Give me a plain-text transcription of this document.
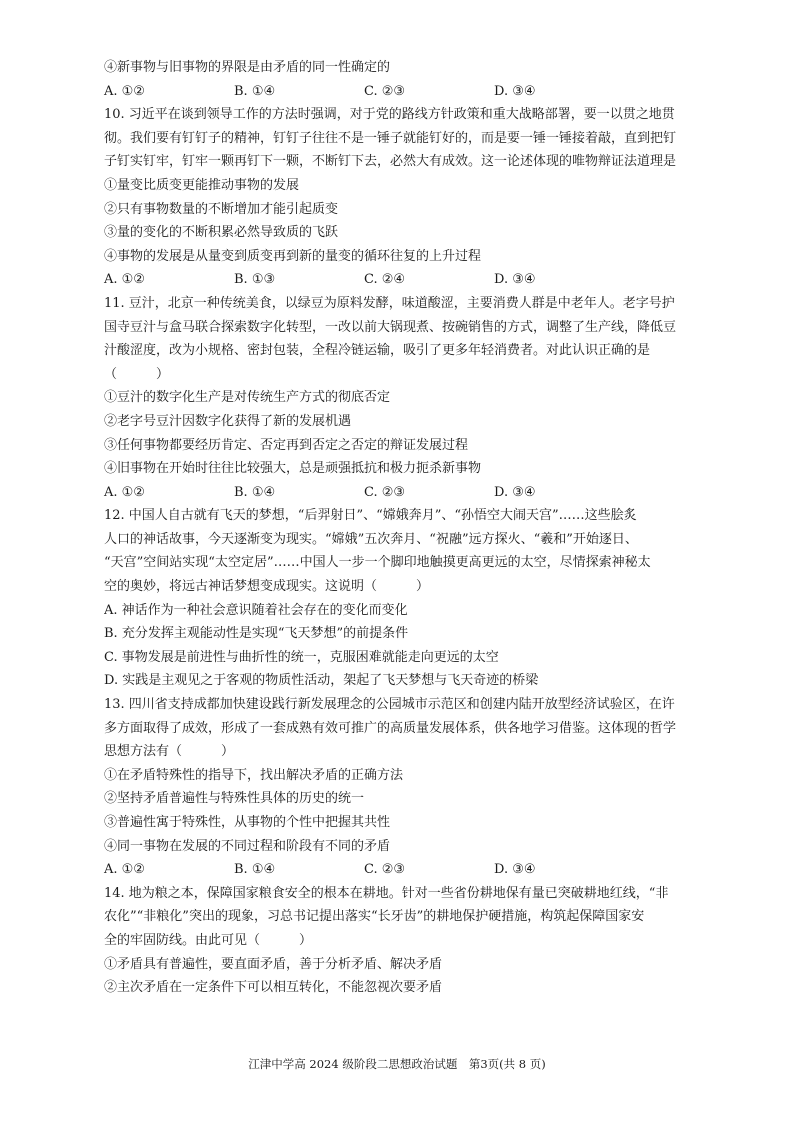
④新事物与旧事物的界限是由矛盾的同一性确定的
A. ①②	B. ①④	C. ②③	D. ③④
10. 习近平在谈到领导工作的方法时强调，对于党的路线方针政策和重大战略部署，要一以贯之地贯
彻。我们要有钉钉子的精神，钉钉子往往不是一锤子就能钉好的，而是要一锤一锤接着敲，直到把钉
子钉实钉牢，钉牢一颗再钉下一颗，不断钉下去，必然大有成效。这一论述体现的唯物辩证法道理是
①量变比质变更能推动事物的发展
②只有事物数量的不断增加才能引起质变
③量的变化的不断积累必然导致质的飞跃
④事物的发展是从量变到质变再到新的量变的循环往复的上升过程
A. ①②	B. ①③	C. ②④	D. ③④
11. 豆汁，北京一种传统美食，以绿豆为原料发酵，味道酸涩，主要消费人群是中老年人。老字号护
国寺豆汁与盒马联合探索数字化转型，一改以前大锅现煮、按碗销售的方式，调整了生产线，降低豆
汁酸涩度，改为小规格、密封包装，全程冷链运输，吸引了更多年轻消费者。对此认识正确的是
（　　　）
①豆汁的数字化生产是对传统生产方式的彻底否定
②老字号豆汁因数字化获得了新的发展机遇
③任何事物都要经历肯定、否定再到否定之否定的辩证发展过程
④旧事物在开始时往往比较强大，总是顽强抵抗和极力扼杀新事物
A. ①②	B. ①④	C. ②③	D. ③④
12. 中国人自古就有飞天的梦想，“后羿射日”、“嫦娥奔月”、“孙悟空大闹天宫”……这些脍炙
人口的神话故事，今天逐渐变为现实。“嫦娥”五次奔月、“祝融”远方探火、“羲和”开始逐日、
“天宫”空间站实现“太空定居”……中国人一步一个脚印地触摸更高更远的太空，尽情探索神秘太
空的奥妙，将远古神话梦想变成现实。这说明（　　　）
A. 神话作为一种社会意识随着社会存在的变化而变化
B. 充分发挥主观能动性是实现“飞天梦想”的前提条件
C. 事物发展是前进性与曲折性的统一，克服困难就能走向更远的太空
D. 实践是主观见之于客观的物质性活动，架起了飞天梦想与飞天奇迹的桥梁
13. 四川省支持成都加快建设践行新发展理念的公园城市示范区和创建内陆开放型经济试验区，在许
多方面取得了成效，形成了一套成熟有效可推广的高质量发展体系，供各地学习借鉴。这体现的哲学
思想方法有（　　　）
①在矛盾特殊性的指导下，找出解决矛盾的正确方法
②坚持矛盾普遍性与特殊性具体的历史的统一
③普遍性寓于特殊性，从事物的个性中把握其共性
④同一事物在发展的不同过程和阶段有不同的矛盾
A. ①②	B. ①④	C. ②③	D. ③④
14. 地为粮之本，保障国家粮食安全的根本在耕地。针对一些省份耕地保有量已突破耕地红线，“非
农化”“非粮化”突出的现象，习总书记提出落实“长牙齿”的耕地保护硬措施，构筑起保障国家安
全的牢固防线。由此可见（　　　）
①矛盾具有普遍性，要直面矛盾，善于分析矛盾、解决矛盾
②主次矛盾在一定条件下可以相互转化，不能忽视次要矛盾
江津中学高 2024 级阶段二思想政治试题　第3页(共 8 页)
